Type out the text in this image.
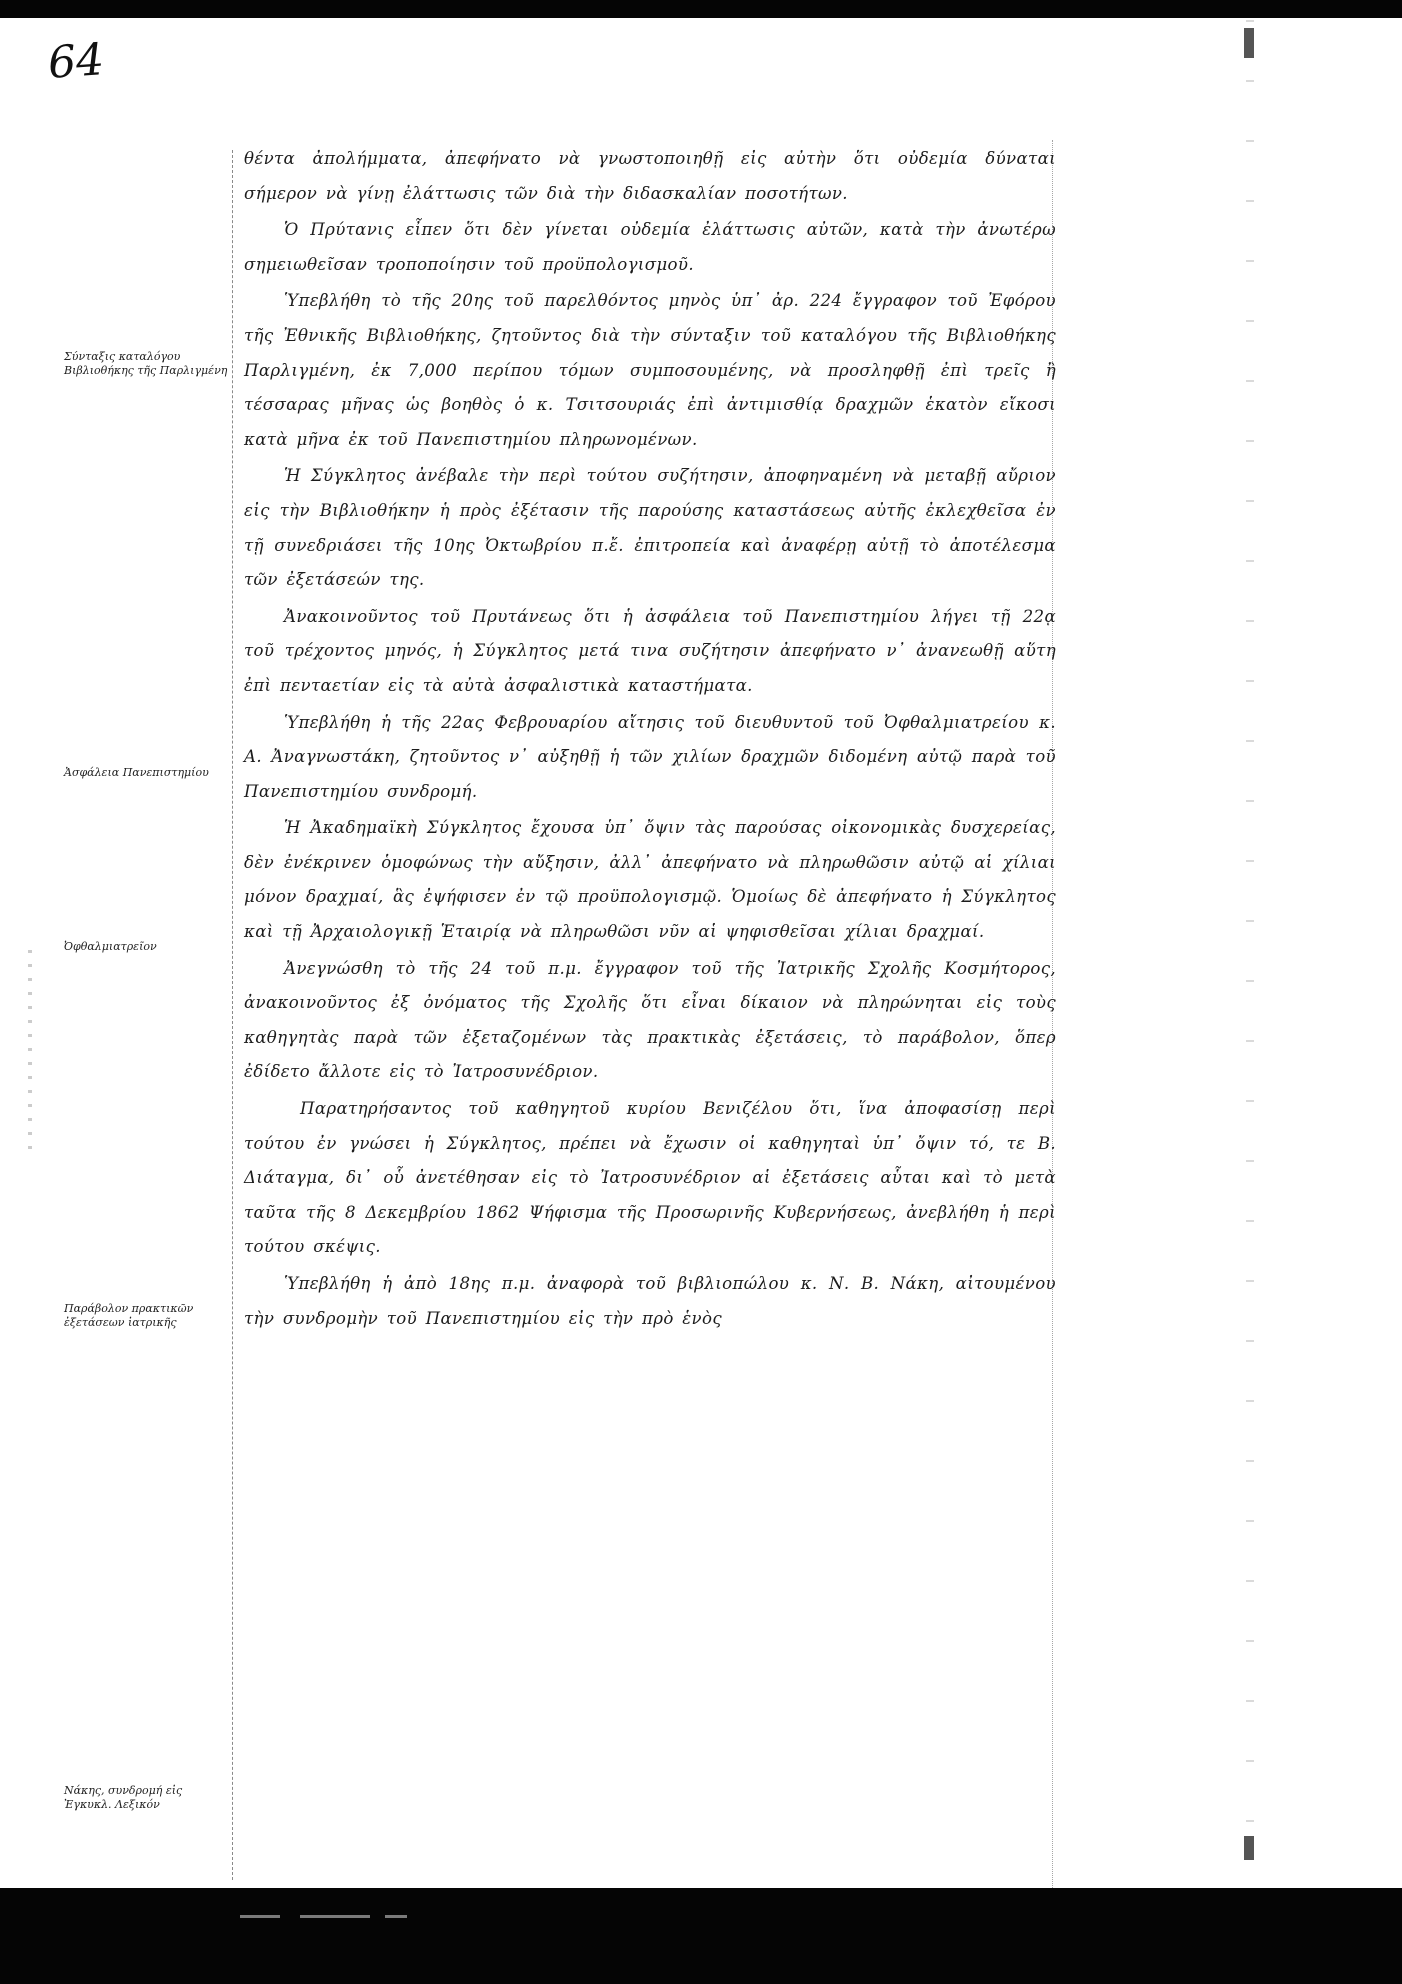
64
Σύνταξις καταλόγου Βιβλιοθήκης τῆς Παρλιγμένη
Ἀσφάλεια Πανεπιστημίου
Ὀφθαλμιατρεῖον
Παράβολον πρακτικῶν ἐξετάσεων ἰατρικῆς
Νάκης, συνδρομή εἰς Ἐγκυκλ. Λεξικόν

θέντα ἀπολήμματα, ἀπεφήνατο νὰ γνωστοποιηθῇ εἰς αὐτὴν ὅτι οὐδεμία δύναται σήμερον νὰ γίνῃ ἐλάττωσις τῶν διὰ τὴν διδασκαλίαν ποσοτήτων.

Ὁ Πρύτανις εἶπεν ὅτι δὲν γίνεται οὐδεμία ἐλάττωσις αὐτῶν, κατὰ τὴν ἀνωτέρω σημειωθεῖσαν τροποποίησιν τοῦ προϋπολογισμοῦ.

Ὑπεβλήθη τὸ τῆς 20ης τοῦ παρελθόντος μηνὸς ὑπ᾽ ἀρ. 224 ἔγγραφον τοῦ Ἐφόρου τῆς Ἐθνικῆς Βιβλιοθήκης, ζητοῦντος διὰ τὴν σύνταξιν τοῦ καταλόγου τῆς Βιβλιοθήκης Παρλιγμένη, ἐκ 7,000 περίπου τόμων συμποσουμένης, νὰ προσληφθῇ ἐπὶ τρεῖς ἢ τέσσαρας μῆνας ὡς βοηθὸς ὁ κ. Τσιτσουριάς ἐπὶ ἀντιμισθίᾳ δραχμῶν ἑκατὸν εἴκοσι κατὰ μῆνα ἐκ τοῦ Πανεπιστημίου πληρωνομένων.

Ἡ Σύγκλητος ἀνέβαλε τὴν περὶ τούτου συζήτησιν, ἀποφηναμένη νὰ μεταβῇ αὔριον εἰς τὴν Βιβλιοθήκην ἡ πρὸς ἐξέτασιν τῆς παρούσης καταστάσεως αὐτῆς ἐκλεχθεῖσα ἐν τῇ συνεδριάσει τῆς 10ης Ὀκτωβρίου π.ἔ. ἐπιτροπεία καὶ ἀναφέρῃ αὐτῇ τὸ ἀποτέλεσμα τῶν ἐξετάσεών της.

Ἀνακοινοῦντος τοῦ Πρυτάνεως ὅτι ἡ ἀσφάλεια τοῦ Πανεπιστημίου λήγει τῇ 22ᾳ τοῦ τρέχοντος μηνός, ἡ Σύγκλητος μετά τινα συζήτησιν ἀπεφήνατο ν᾽ ἀνανεωθῇ αὕτη ἐπὶ πενταετίαν εἰς τὰ αὐτὰ ἀσφαλιστικὰ καταστήματα.

Ὑπεβλήθη ἡ τῆς 22ας Φεβρουαρίου αἴτησις τοῦ διευθυντοῦ τοῦ Ὀφθαλμιατρείου κ. Α. Ἀναγνωστάκη, ζητοῦντος ν᾽ αὐξηθῇ ἡ τῶν χιλίων δραχμῶν διδομένη αὐτῷ παρὰ τοῦ Πανεπιστημίου συνδρομή.

Ἡ Ἀκαδημαϊκὴ Σύγκλητος ἔχουσα ὑπ᾽ ὄψιν τὰς παρούσας οἰκονομικὰς δυσχερείας, δὲν ἐνέκρινεν ὁμοφώνως τὴν αὔξησιν, ἀλλ᾽ ἀπεφήνατο νὰ πληρωθῶσιν αὐτῷ αἱ χίλιαι μόνον δραχμαί, ἃς ἐψήφισεν ἐν τῷ προϋπολογισμῷ. Ὁμοίως δὲ ἀπεφήνατο ἡ Σύγκλητος καὶ τῇ Ἀρχαιολογικῇ Ἑταιρίᾳ νὰ πληρωθῶσι νῦν αἱ ψηφισθεῖσαι χίλιαι δραχμαί.

Ἀνεγνώσθη τὸ τῆς 24 τοῦ π.μ. ἔγγραφον τοῦ τῆς Ἰατρικῆς Σχολῆς Κοσμήτορος, ἀνακοινοῦντος ἐξ ὀνόματος τῆς Σχολῆς ὅτι εἶναι δίκαιον νὰ πληρώνηται εἰς τοὺς καθηγητὰς παρὰ τῶν ἐξεταζομένων τὰς πρακτικὰς ἐξετάσεις, τὸ παράβολον, ὅπερ ἐδίδετο ἄλλοτε εἰς τὸ Ἰατροσυνέδριον.

Παρατηρήσαντος τοῦ καθηγητοῦ κυρίου Βενιζέλου ὅτι, ἵνα ἀποφασίσῃ περὶ τούτου ἐν γνώσει ἡ Σύγκλητος, πρέπει νὰ ἔχωσιν οἱ καθηγηταὶ ὑπ᾽ ὄψιν τό, τε Β. Διάταγμα, δι᾽ οὗ ἀνετέθησαν εἰς τὸ Ἰατροσυνέδριον αἱ ἐξετάσεις αὗται καὶ τὸ μετὰ ταῦτα τῆς 8 Δεκεμβρίου 1862 Ψήφισμα τῆς Προσωρινῆς Κυβερνήσεως, ἀνεβλήθη ἡ περὶ τούτου σκέψις.

Ὑπεβλήθη ἡ ἀπὸ 18ης π.μ. ἀναφορὰ τοῦ βιβλιοπώλου κ. Ν. Β. Νάκη, αἰτουμένου τὴν συνδρομὴν τοῦ Πανεπιστημίου εἰς τὴν πρὸ ἑνὸς
